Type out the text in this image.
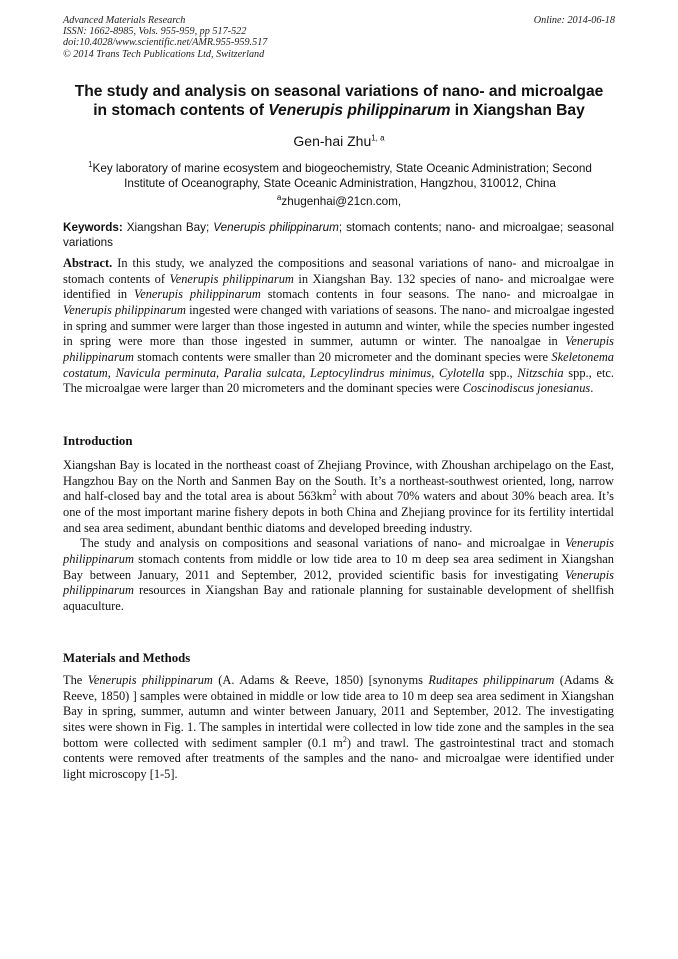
Advanced Materials Research
ISSN: 1662-8985, Vols. 955-959, pp 517-522
doi:10.4028/www.scientific.net/AMR.955-959.517
© 2014 Trans Tech Publications Ltd, Switzerland
Online: 2014-06-18
The study and analysis on seasonal variations of nano- and microalgae
in stomach contents of Venerupis philippinarum in Xiangshan Bay
Gen-hai Zhu$^{1, a}$
$^1$Key laboratory of marine ecosystem and biogeochemistry, State Oceanic Administration; Second Institute of Oceanography, State Oceanic Administration, Hangzhou, 310012, China
$^a$zhugenhai@21cn.com,
Keywords: Xiangshan Bay; Venerupis philippinarum; stomach contents; nano- and microalgae; seasonal variations
Abstract. In this study, we analyzed the compositions and seasonal variations of nano- and microalgae in stomach contents of Venerupis philippinarum in Xiangshan Bay. 132 species of nano- and microalgae were identified in Venerupis philippinarum stomach contents in four seasons. The nano- and microalgae in Venerupis philippinarum ingested were changed with variations of seasons. The nano- and microalgae ingested in spring and summer were larger than those ingested in autumn and winter, while the species number ingested in spring were more than those ingested in summer, autumn or winter. The nanoalgae in Venerupis philippinarum stomach contents were smaller than 20 micrometer and the dominant species were Skeletonema costatum, Navicula perminuta, Paralia sulcata, Leptocylindrus minimus, Cylotella spp., Nitzschia spp., etc. The microalgae were larger than 20 micrometers and the dominant species were Coscinodiscus jonesianus.
Introduction

Xiangshan Bay is located in the northeast coast of Zhejiang Province, with Zhoushan archipelago on the East, Hangzhou Bay on the North and Sanmen Bay on the South. It’s a northeast-southwest oriented, long, narrow and half-closed bay and the total area is about $563km^2$ with about 70% waters and about 30% beach area. It’s one of the most important marine fishery depots in both China and Zhejiang province for its fertility intertidal and sea area sediment, abundant benthic diatoms and developed breeding industry.

The study and analysis on compositions and seasonal variations of nano- and microalgae in Venerupis philippinarum stomach contents from middle or low tide area to 10 m deep sea area sediment in Xiangshan Bay between January, 2011 and September, 2012, provided scientific basis for investigating Venerupis philippinarum resources in Xiangshan Bay and rationale planning for sustainable development of shellfish aquaculture.

Materials and Methods
The Venerupis philippinarum (A. Adams & Reeve, 1850) [synonyms Ruditapes philippinarum (Adams & Reeve, 1850) ] samples were obtained in middle or low tide area to 10 m deep sea area sediment in Xiangshan Bay in spring, summer, autumn and winter between January, 2011 and September, 2012. The investigating sites were shown in Fig. 1. The samples in intertidal were collected in low tide zone and the samples in the sea bottom were collected with sediment sampler (0.1 $m^2$) and trawl. The gastrointestinal tract and stomach contents were removed after treatments of the samples and the nano- and microalgae were identified under light microscopy [1-5].
